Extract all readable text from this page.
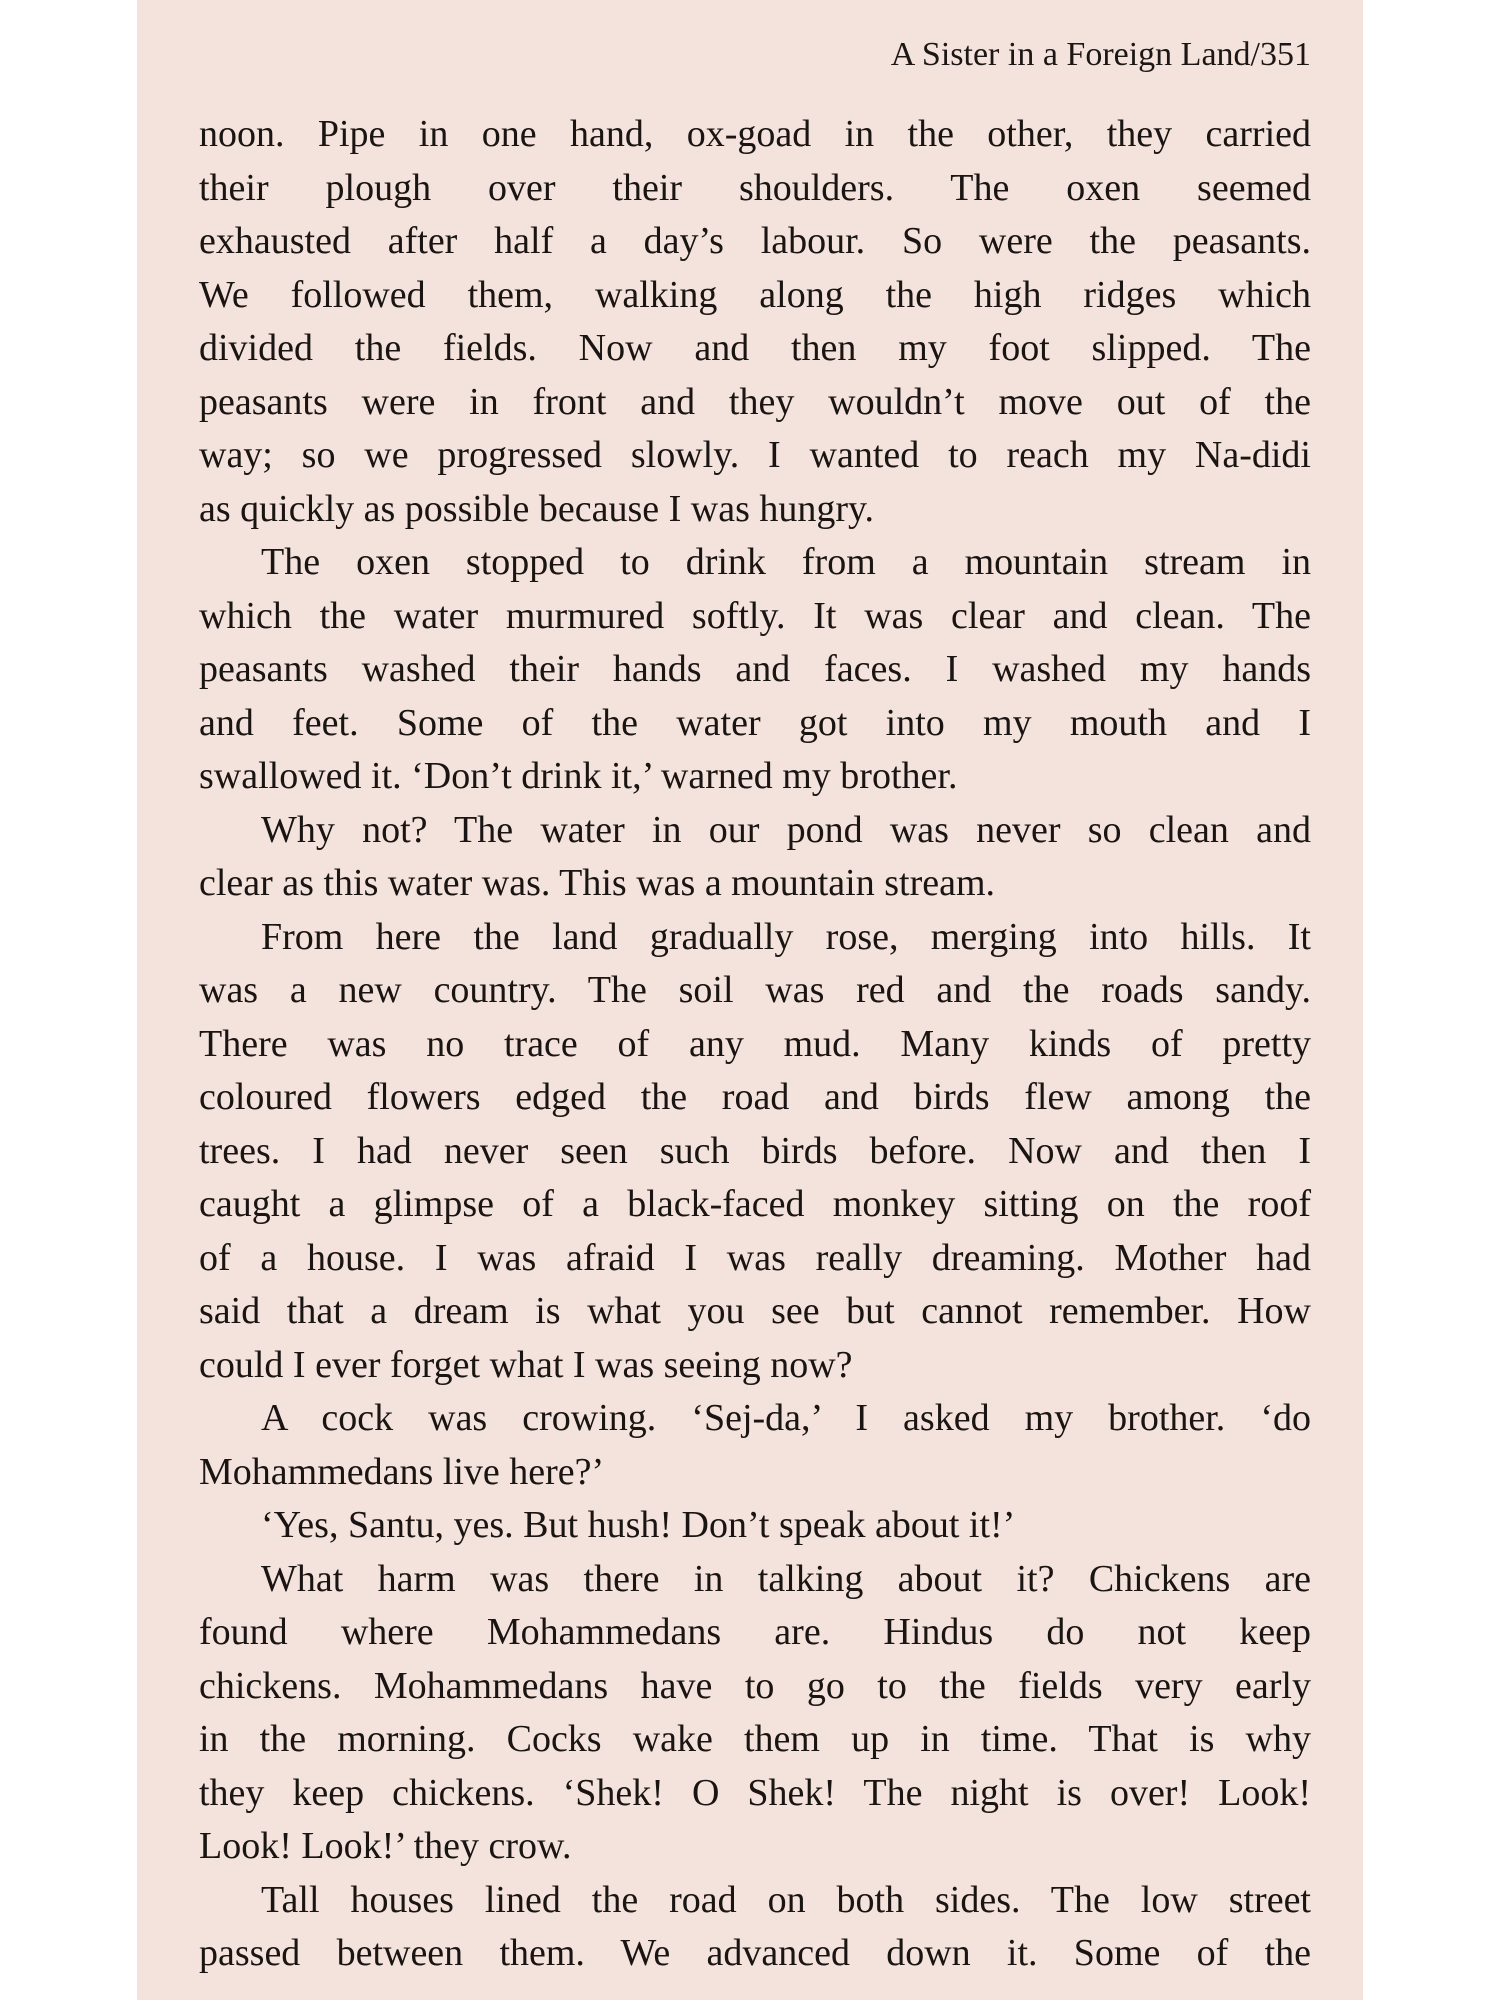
A Sister in a Foreign Land/351
noon. Pipe in one hand, ox-goad in the other, they carried
their plough over their shoulders. The oxen seemed
exhausted after half a day’s labour. So were the peasants.
We followed them, walking along the high ridges which
divided the fields. Now and then my foot slipped. The
peasants were in front and they wouldn’t move out of the
way; so we progressed slowly. I wanted to reach my Na-didi
as quickly as possible because I was hungry.
The oxen stopped to drink from a mountain stream in
which the water murmured softly. It was clear and clean. The
peasants washed their hands and faces. I washed my hands
and feet. Some of the water got into my mouth and I
swallowed it. ‘Don’t drink it,’ warned my brother.
Why not? The water in our pond was never so clean and
clear as this water was. This was a mountain stream.
From here the land gradually rose, merging into hills. It
was a new country. The soil was red and the roads sandy.
There was no trace of any mud. Many kinds of pretty
coloured flowers edged the road and birds flew among the
trees. I had never seen such birds before. Now and then I
caught a glimpse of a black-faced monkey sitting on the roof
of a house. I was afraid I was really dreaming. Mother had
said that a dream is what you see but cannot remember. How
could I ever forget what I was seeing now?
A cock was crowing. ‘Sej-da,’ I asked my brother. ‘do
Mohammedans live here?’
‘Yes, Santu, yes. But hush! Don’t speak about it!’
What harm was there in talking about it? Chickens are
found where Mohammedans are. Hindus do not keep
chickens. Mohammedans have to go to the fields very early
in the morning. Cocks wake them up in time. That is why
they keep chickens. ‘Shek! O Shek! The night is over! Look!
Look! Look!’ they crow.
Tall houses lined the road on both sides. The low street
passed between them. We advanced down it. Some of the
